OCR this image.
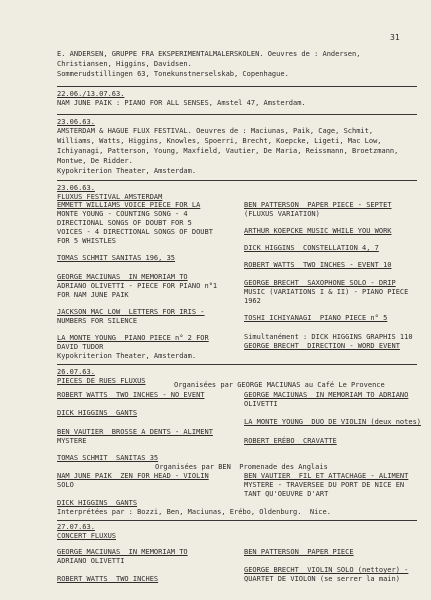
31
E. ANDERSEN, GRUPPE FRA EKSPERIMENTALMALERSKOLEN. Oeuvres de : Andersen,
Christiansen, Higgins, Davidsen.
Sommerudstillingen 63, Tonekunstnerselskab, Copenhague.
22.06./13.07.63.
NAM JUNE PAIK : PIANO FOR ALL SENSES, Amstel 47, Amsterdam.
23.06.63.
AMSTERDAM & HAGUE FLUX FESTIVAL. Oeuvres de : Maciunas, Paik, Cage, Schmit,
Williams, Watts, Higgins, Knowles, Spoerri, Brecht, Koepcke, Ligeti, Mac Low,
Ichiyanagi, Patterson, Young, Maxfield, Vautier, De Maria, Reissmann, Broetzmann,
Montwe, De Ridder.
Kypokriterion Theater, Amsterdam.
23.06.63.
FLUXUS FESTIVAL AMSTERDAM
EMMETT WILLIAMS VOICE PIECE FOR LA
MONTE YOUNG - COUNTING SONG - 4
DIRECTIONAL SONGS OF DOUBT FOR 5
VOICES - 4 DIRECTIONAL SONGS OF DOUBT
FOR 5 WHISTLES
TOMAS SCHMIT SANITAS 196, 35
GEORGE MACIUNAS  IN MEMORIAM TO
ADRIANO OLIVETTI - PIECE FOR PIANO n°1
FOR NAM JUNE PAIK
JACKSON MAC LOW  LETTERS FOR IRIS -
NUMBERS FOR SILENCE
LA MONTE YOUNG  PIANO PIECE n° 2 FOR
DAVID TUDOR
Kypokriterion Theater, Amsterdam.
BEN PATTERSON  PAPER PIECE - SEPTET
(FLUXUS VARIATION)
ARTHUR KOEPCKE MUSIC WHILE YOU WORK
DICK HIGGINS  CONSTELLATION 4, 7
ROBERT WATTS  TWO INCHES - EVENT 10
GEORGE BRECHT  SAXOPHONE SOLO - DRIP
MUSIC (VARIATIONS I & II) - PIANO PIECE
1962
TOSHI ICHIYANAGI  PIANO PIECE n° 5
Simultanément : DICK HIGGINS GRAPHIS 110
GEORGE BRECHT  DIRECTION - WORD EVENT
26.07.63.
PIECES DE RUES FLUXUS	Organisées par GEORGE MACIUNAS au Café Le Provence
ROBERT WATTS  TWO INCHES - NO EVENT	GEORGE MACIUNAS  IN MEMORIAM TO ADRIANO
OLIVETTI
DICK HIGGINS  GANTS
LA MONTE YOUNG  DUO DE VIOLIN (deux notes)
BEN VAUTIER  BROSSE A DENTS - ALIMENT
MYSTERE	ROBERT ERÉBO  CRAVATTE
TOMAS SCHMIT  SANITAS 35
Organisées par BEN  Promenade des Anglais
NAM JUNE PAIK  ZEN FOR HEAD - VIOLIN
SOLO
BEN VAUTIER  FIL ET ATTACHAGE - ALIMENT
MYSTERE - TRAVERSEE DU PORT DE NICE EN
TANT QU'OEUVRE D'ART
DICK HIGGINS  GANTS
Interprétées par : Bozzi, Ben, Maciunas, Erébo, Oldenburg.  Nice.
27.07.63.
CONCERT FLUXUS
GEORGE MACIUNAS  IN MEMORIAM TO
ADRIANO OLIVETTI
BEN PATTERSON  PAPER PIECE
ROBERT WATTS  TWO INCHES
GEORGE BRECHT  VIOLIN SOLO (nettoyer) -
QUARTET DE VIOLON (se serrer la main)
